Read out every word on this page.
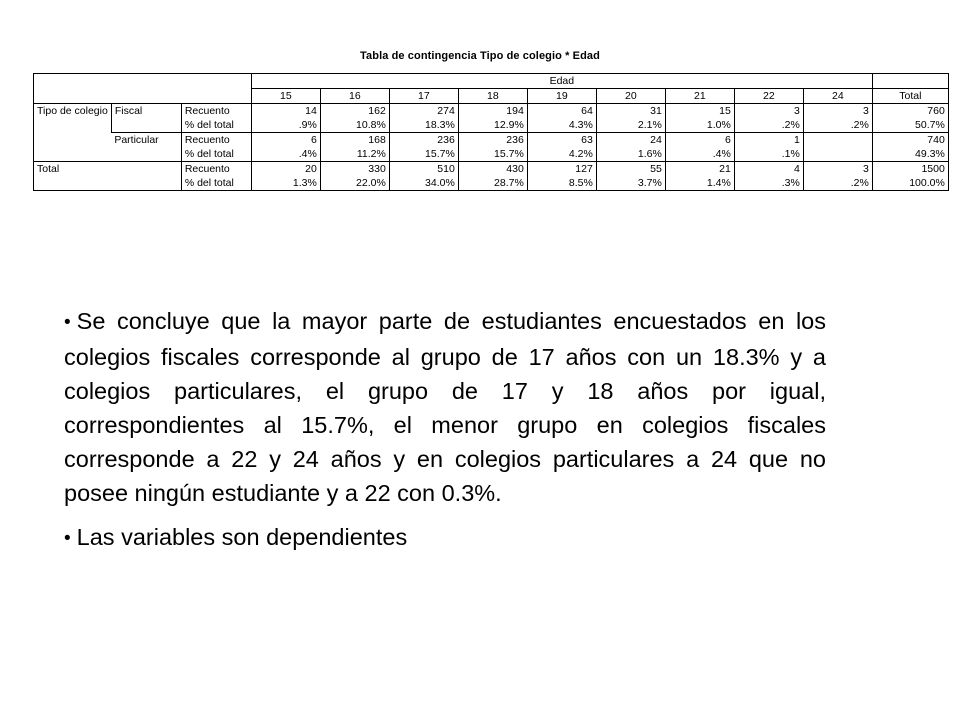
Tabla de contingencia Tipo de colegio * Edad
			Edad									
			15	16	17	18	19	20	21	22	24	Total
Tipo de colegio	Fiscal	Recuento	14	162	274	194	64	31	15	3	3	760
		% del total	.9%	10.8%	18.3%	12.9%	4.3%	2.1%	1.0%	.2%	.2%	50.7%
	Particular	Recuento	6	168	236	236	63	24	6	1		740
		% del total	.4%	11.2%	15.7%	15.7%	4.2%	1.6%	.4%	.1%		49.3%
Total		Recuento	20	330	510	430	127	55	21	4	3	1500
		% del total	1.3%	22.0%	34.0%	28.7%	8.5%	3.7%	1.4%	.3%	.2%	100.0%
• Se concluye que la mayor parte de estudiantes encuestados en los colegios fiscales corresponde al grupo de 17 años con un 18.3% y a colegios particulares, el grupo de 17 y 18 años por igual, correspondientes al 15.7%, el menor grupo en colegios fiscales corresponde a 22 y 24 años y en colegios particulares a 24 que no posee ningún estudiante y a 22 con 0.3%.
• Las variables son dependientes
